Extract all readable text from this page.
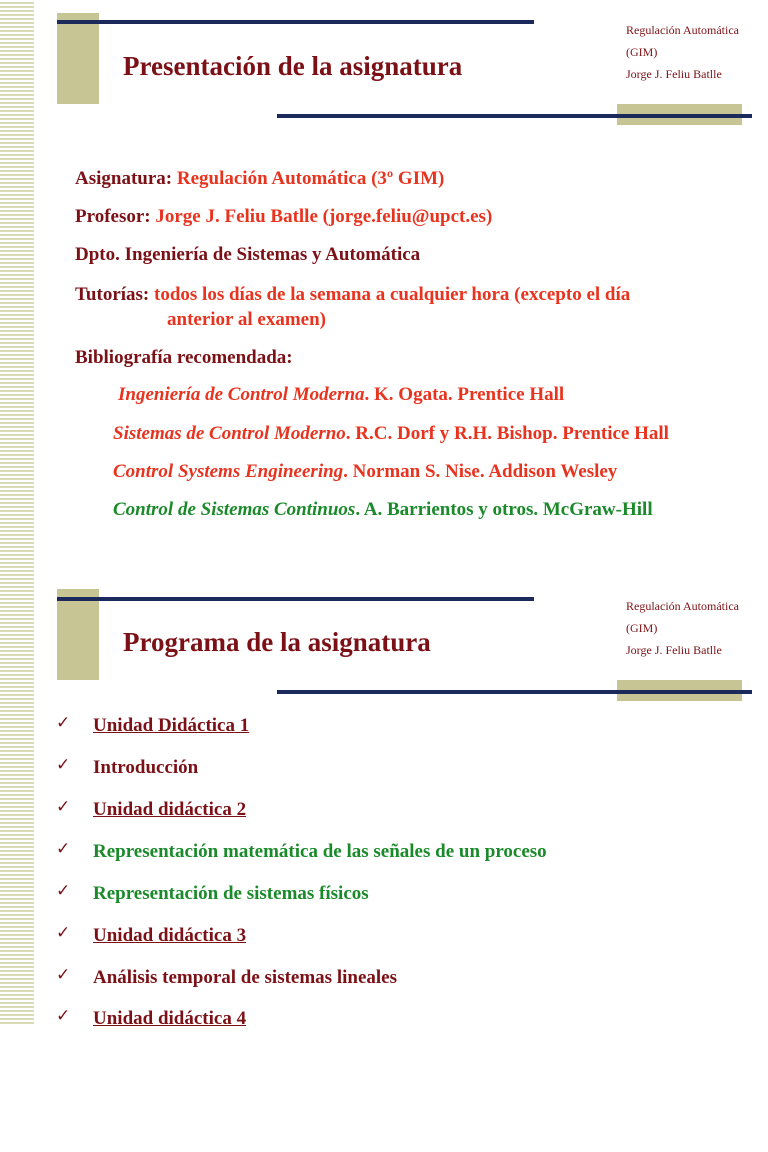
Presentación de la asignatura
Regulación Automática
(GIM)
Jorge J. Feliu Batlle
Asignatura: Regulación Automática (3º GIM)
Profesor: Jorge J. Feliu Batlle (jorge.feliu@upct.es)
Dpto. Ingeniería de Sistemas y Automática
Tutorías: todos los días de la semana a cualquier hora (excepto el día
anterior al examen)
Bibliografía recomendada:
Ingeniería de Control Moderna. K. Ogata. Prentice Hall
Sistemas de Control Moderno. R.C. Dorf y R.H. Bishop. Prentice Hall
Control Systems Engineering. Norman S. Nise. Addison Wesley
Control de Sistemas Continuos. A. Barrientos y otros. McGraw-Hill
Programa de la asignatura
Regulación Automática
(GIM)
Jorge J. Feliu Batlle
✓ Unidad Didáctica 1
✓ Introducción
✓ Unidad didáctica 2
✓ Representación matemática de las señales de un proceso
✓ Representación de sistemas físicos
✓ Unidad didáctica 3
✓ Análisis temporal de sistemas lineales
✓ Unidad didáctica 4
